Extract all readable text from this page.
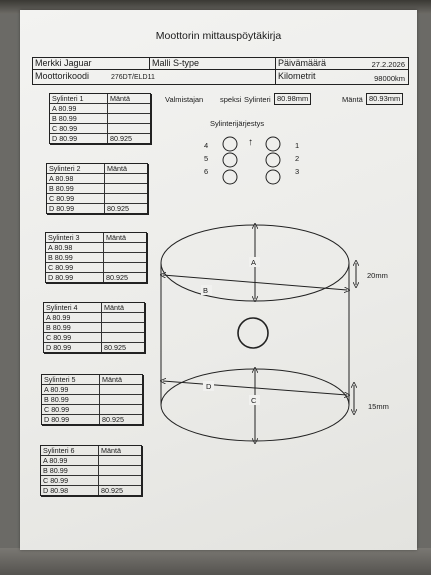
Moottorin mittauspöytäkirja
Merkki Jaguar	Malli S-type	Päivämäärä	27.2.2026
Moottorikoodi	276DT/ELD11	Kilometrit	98000km
Valmistajan speksi Sylinteri 80.98mm	Mäntä 80.93mm
Sylinterijärjestys
4
5
6
1
2
3
↑
Sylinteri 1	Mäntä
A 80.99
B 80.99
C 80.99
D 80.99	80.925
Sylinteri 2	Mäntä
A 80.98
B 80.99
C 80.99
D 80.99	80.925
Sylinteri 3	Mäntä
A 80.98
B 80.99
C 80.99
D 80.99	80.925
Sylinteri 4	Mäntä
A 80.99
B 80.99
C 80.99
D 80.99	80.925
Sylinteri 5	Mäntä
A 80.99
B 80.99
C 80.99
D 80.99	80.925
Sylinteri 6	Mäntä
A 80.99
B 80.99
C 80.99
D 80.98	80.925
A
B
C
D
20mm
15mm
